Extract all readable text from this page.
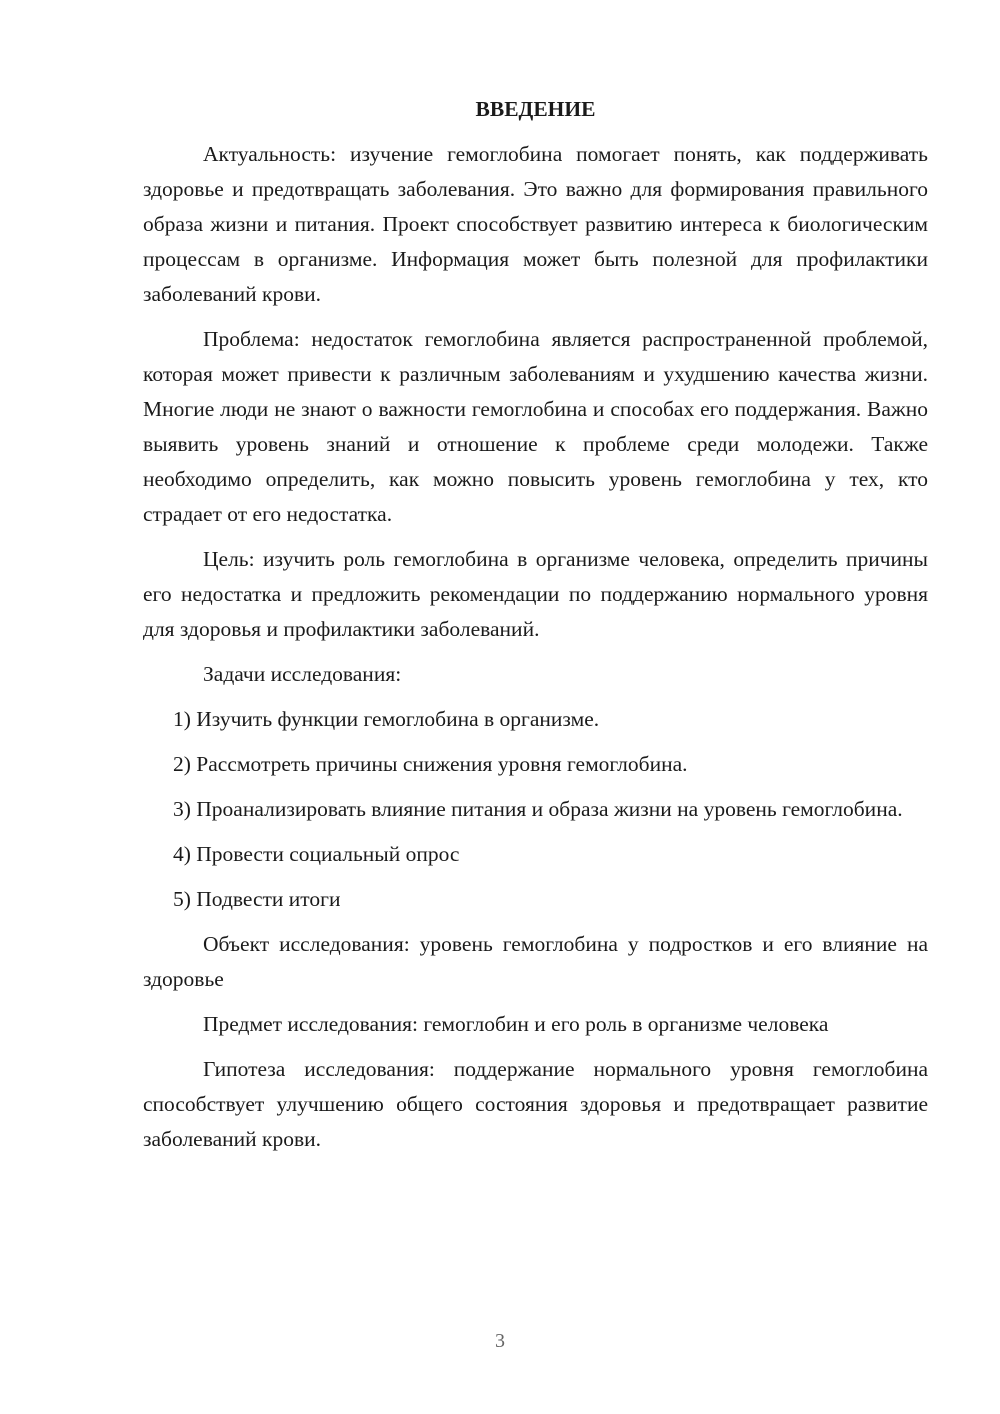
ВВЕДЕНИЕ

Актуальность: изучение гемоглобина помогает понять, как поддерживать здоровье и предотвращать заболевания. Это важно для формирования правильного образа жизни и питания. Проект способствует развитию интереса к биологическим процессам в организме. Информация может быть полезной для профилактики заболеваний крови.

Проблема: недостаток гемоглобина является распространенной проблемой, которая может привести к различным заболеваниям и ухудшению качества жизни. Многие люди не знают о важности гемоглобина и способах его поддержания. Важно выявить уровень знаний и отношение к проблеме среди молодежи. Также необходимо определить, как можно повысить уровень гемоглобина у тех, кто страдает от его недостатка.

Цель: изучить роль гемоглобина в организме человека, определить причины его недостатка и предложить рекомендации по поддержанию нормального уровня для здоровья и профилактики заболеваний.

Задачи исследования:

1) Изучить функции гемоглобина в организме.

2) Рассмотреть причины снижения уровня гемоглобина.

3) Проанализировать влияние питания и образа жизни на уровень гемоглобина.

4) Провести социальный опрос

5) Подвести итоги

Объект исследования: уровень гемоглобина у подростков и его влияние на здоровье

Предмет исследования: гемоглобин и его роль в организме человека

Гипотеза исследования: поддержание нормального уровня гемоглобина способствует улучшению общего состояния здоровья и предотвращает развитие заболеваний крови.

3
